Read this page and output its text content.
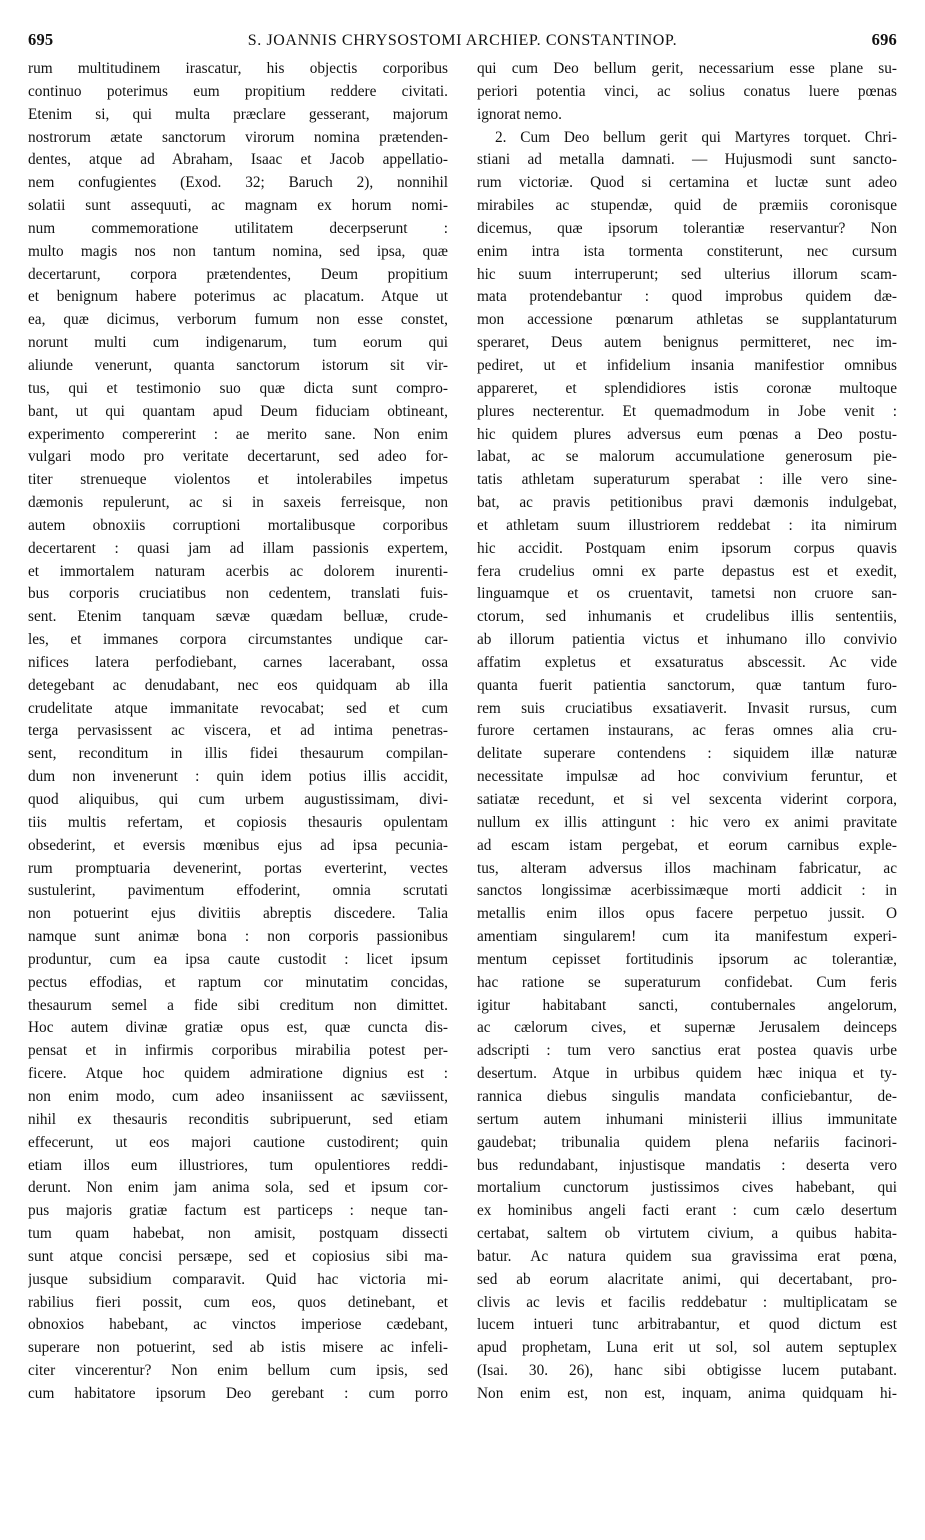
695	S. JOANNIS CHRYSOSTOMI ARCHIEP. CONSTANTINOP.	696
rum multitudinem irascatur, his objectis corporibus
continuo poterimus eum propitium reddere civitati.
Etenim si, qui multa præclare gesserant, majorum
nostrorum ætate sanctorum virorum nomina prætenden-
dentes, atque ad Abraham, Isaac et Jacob appellatio-
nem confugientes (Exod. 32; Baruch 2), nonnihil
solatii sunt assequuti, ac magnam ex horum nomi-
num commemoratione utilitatem decerpserunt :
multo magis nos non tantum nomina, sed ipsa, quæ
decertarunt, corpora prætendentes, Deum propitium
et benignum habere poterimus ac placatum. Atque ut
ea, quæ dicimus, verborum fumum non esse constet,
norunt multi cum indigenarum, tum eorum qui
aliunde venerunt, quanta sanctorum istorum sit vir-
tus, qui et testimonio suo quæ dicta sunt compro-
bant, ut qui quantam apud Deum fiduciam obtineant,
experimento compererint : ae merito sane. Non enim
vulgari modo pro veritate decertarunt, sed adeo for-
titer strenueque violentos et intolerabiles impetus
dæmonis repulerunt, ac si in saxeis ferreisque, non
autem obnoxiis corruptioni mortalibusque corporibus
decertarent : quasi jam ad illam passionis expertem,
et immortalem naturam acerbis ac dolorem inurenti-
bus corporis cruciatibus non cedentem, translati fuis-
sent. Etenim tanquam sævæ quædam belluæ, crude-
les, et immanes corpora circumstantes undique car-
nifices latera perfodiebant, carnes lacerabant, ossa
detegebant ac denudabant, nec eos quidquam ab illa
crudelitate atque immanitate revocabat; sed et cum
terga pervasissent ac viscera, et ad intima penetras-
sent, reconditum in illis fidei thesaurum compilan-
dum non invenerunt : quin idem potius illis accidit,
quod aliquibus, qui cum urbem augustissimam, divi-
tiis multis refertam, et copiosis thesauris opulentam
obsederint, et eversis mœnibus ejus ad ipsa pecunia-
rum promptuaria devenerint, portas everterint, vectes
sustulerint, pavimentum effoderint, omnia scrutati
non potuerint ejus divitiis abreptis discedere. Talia
namque sunt animæ bona : non corporis passionibus
produntur, cum ea ipsa caute custodit : licet ipsum
pectus effodias, et raptum cor minutatim concidas,
thesaurum semel a fide sibi creditum non dimittet.
Hoc autem divinæ gratiæ opus est, quæ cuncta dis-
pensat et in infirmis corporibus mirabilia potest per-
ficere. Atque hoc quidem admiratione dignius est :
non enim modo, cum adeo insaniissent ac sæviissent,
nihil ex thesauris reconditis subripuerunt, sed etiam
effecerunt, ut eos majori cautione custodirent; quin
etiam illos eum illustriores, tum opulentiores reddi-
derunt. Non enim jam anima sola, sed et ipsum cor-
pus majoris gratiæ factum est particeps : neque tan-
tum quam habebat, non amisit, postquam dissecti
sunt atque concisi persæpe, sed et copiosius sibi ma-
jusque subsidium comparavit. Quid hac victoria mi-
rabilius fieri possit, cum eos, quos detinebant, et
obnoxios habebant, ac vinctos imperiose cædebant,
superare non potuerint, sed ab istis misere ac infeli-
citer vincerentur? Non enim bellum cum ipsis, sed
cum habitatore ipsorum Deo gerebant : cum porro
qui cum Deo bellum gerit, necessarium esse plane su-
periori potentia vinci, ac solius conatus luere pœnas
ignorat nemo.
2. Cum Deo bellum gerit qui Martyres torquet. Chri-
stiani ad metalla damnati. — Hujusmodi sunt sancto-
rum victoriæ. Quod si certamina et luctæ sunt adeo
mirabiles ac stupendæ, quid de præmiis coronisque
dicemus, quæ ipsorum tolerantiæ reservantur? Non
enim intra ista tormenta constiterunt, nec cursum
hic suum interruperunt; sed ulterius illorum scam-
mata protendebantur : quod improbus quidem dæ-
mon accessione pœnarum athletas se supplantaturum
speraret, Deus autem benignus permitteret, nec im-
pediret, ut et infidelium insania manifestior omnibus
appareret, et splendidiores istis coronæ multoque
plures necterentur. Et quemadmodum in Jobe venit :
hic quidem plures adversus eum pœnas a Deo postu-
labat, ac se malorum accumulatione generosum pie-
tatis athletam superaturum sperabat : ille vero sine-
bat, ac pravis petitionibus pravi dæmonis indulgebat,
et athletam suum illustriorem reddebat : ita nimirum
hic accidit. Postquam enim ipsorum corpus quavis
fera crudelius omni ex parte depastus est et exedit,
linguamque et os cruentavit, tametsi non cruore san-
ctorum, sed inhumanis et crudelibus illis sententiis,
ab illorum patientia victus et inhumano illo convivio
affatim expletus et exsaturatus abscessit. Ac vide
quanta fuerit patientia sanctorum, quæ tantum furo-
rem suis cruciatibus exsatiaverit. Invasit rursus, cum
furore certamen instaurans, ac feras omnes alia cru-
delitate superare contendens : siquidem illæ naturæ
necessitate impulsæ ad hoc convivium feruntur, et
satiatæ recedunt, et si vel sexcenta viderint corpora,
nullum ex illis attingunt : hic vero ex animi pravitate
ad escam istam pergebat, et eorum carnibus exple-
tus, alteram adversus illos machinam fabricatur, ac
sanctos longissimæ acerbissimæque morti addicit : in
metallis enim illos opus facere perpetuo jussit. O
amentiam singularem! cum ita manifestum experi-
mentum cepisset fortitudinis ipsorum ac tolerantiæ,
hac ratione se superaturum confidebat. Cum feris
igitur habitabant sancti, contubernales angelorum,
ac cælorum cives, et supernæ Jerusalem deinceps
adscripti : tum vero sanctius erat postea quavis urbe
desertum. Atque in urbibus quidem hæc iniqua et ty-
rannica diebus singulis mandata conficiebantur, de-
sertum autem inhumani ministerii illius immunitate
gaudebat; tribunalia quidem plena nefariis facinori-
bus redundabant, injustisque mandatis : deserta vero
mortalium cunctorum justissimos cives habebant, qui
ex hominibus angeli facti erant : cum cælo desertum
certabat, saltem ob virtutem civium, a quibus habita-
batur. Ac natura quidem sua gravissima erat pœna,
sed ab eorum alacritate animi, qui decertabant, pro-
clivis ac levis et facilis reddebatur : multiplicatam se
lucem intueri tunc arbitrabantur, et quod dictum est
apud prophetam, Luna erit ut sol, sol autem septuplex
(Isai. 30. 26), hanc sibi obtigisse lucem putabant.
Non enim est, non est, inquam, anima quidquam hi-
